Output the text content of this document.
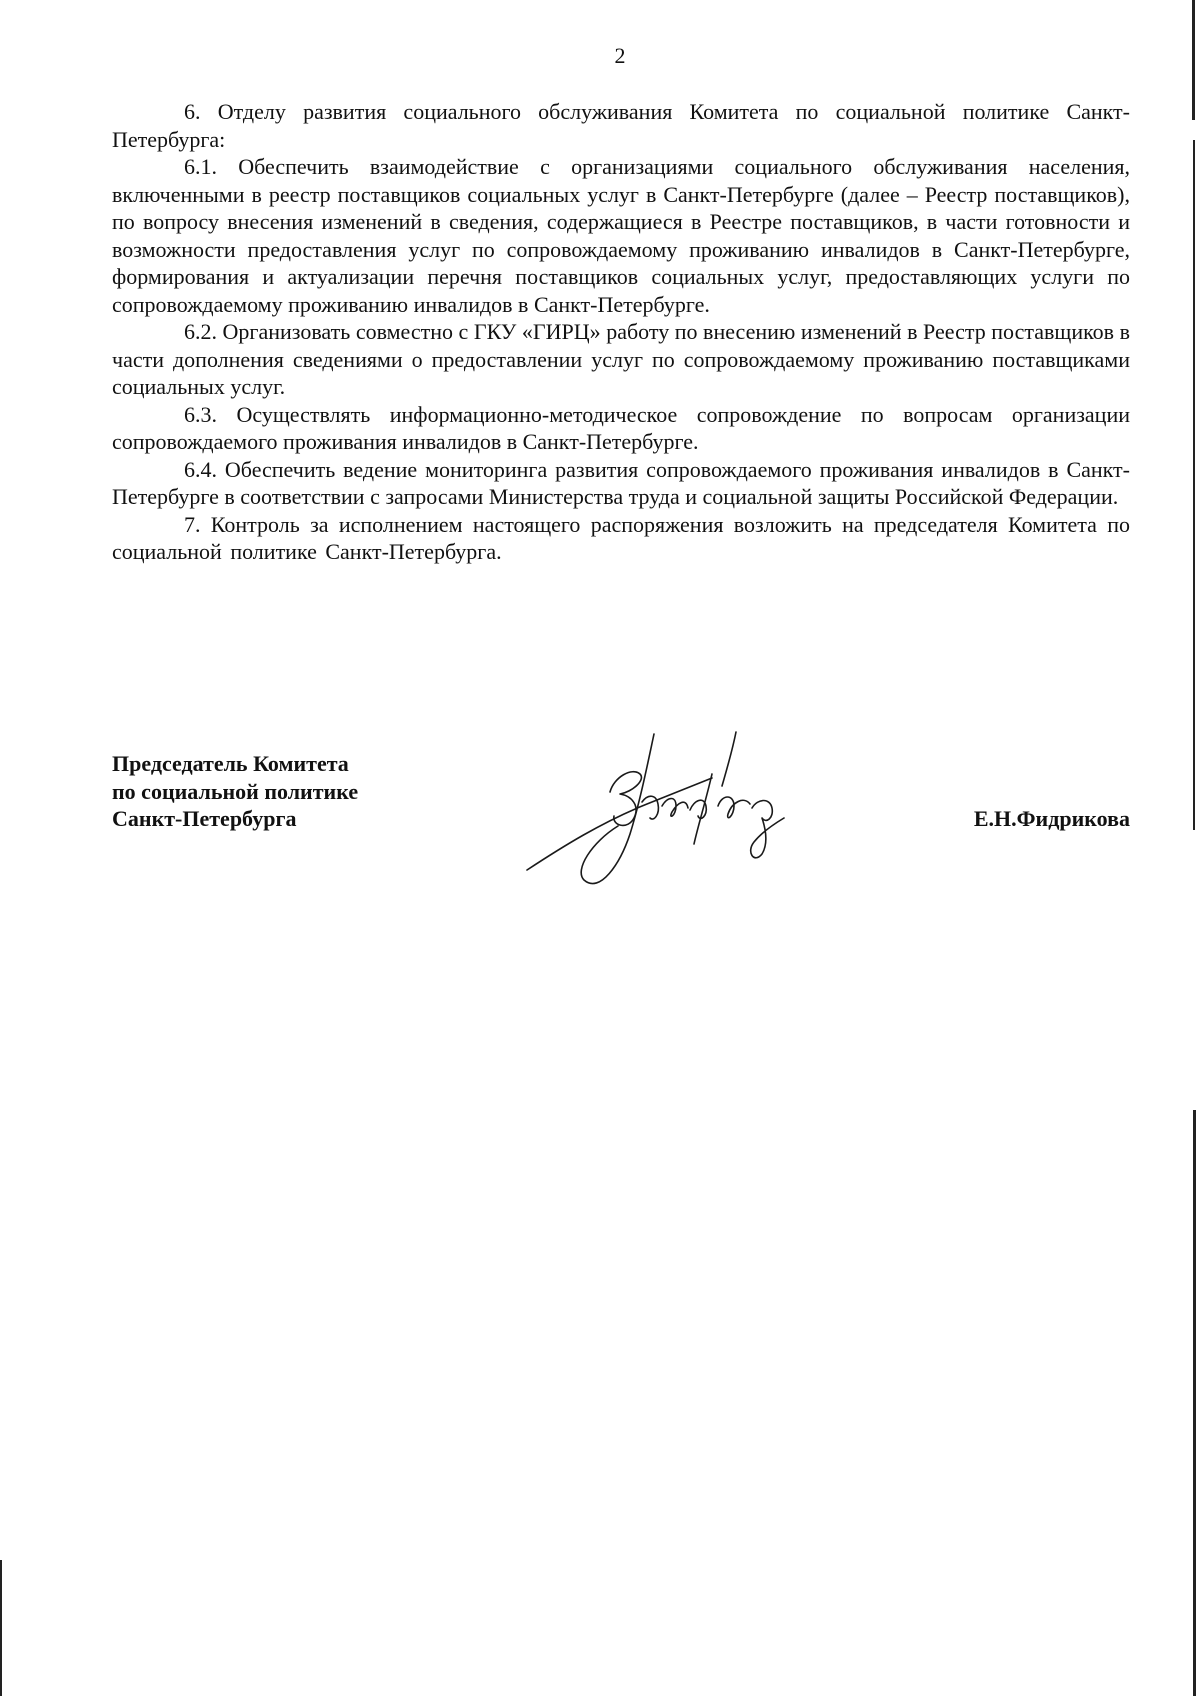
2

6. Отделу развития социального обслуживания Комитета по социальной политике Санкт-Петербурга:

6.1. Обеспечить взаимодействие с организациями социального обслуживания населения, включенными в реестр поставщиков социальных услуг в Санкт-Петербурге (далее – Реестр поставщиков), по вопросу внесения изменений в сведения, содержащиеся в Реестре поставщиков, в части готовности и возможности предоставления услуг по сопровождаемому проживанию инвалидов в Санкт-Петербурге, формирования и актуализации перечня поставщиков социальных услуг, предоставляющих услуги по сопровождаемому проживанию инвалидов в Санкт-Петербурге.

6.2. Организовать совместно с ГКУ «ГИРЦ» работу по внесению изменений в Реестр поставщиков в части дополнения сведениями о предоставлении услуг по сопровождаемому проживанию поставщиками социальных услуг.

6.3. Осуществлять информационно-методическое сопровождение по вопросам организации сопровождаемого проживания инвалидов в Санкт-Петербурге.

6.4. Обеспечить ведение мониторинга развития сопровождаемого проживания инвалидов в Санкт-Петербурге в соответствии с запросами Министерства труда и социальной защиты Российской Федерации.

7. Контроль за исполнением настоящего распоряжения возложить на председателя Комитета по социальной политике Санкт-Петербурга.

Председатель Комитета
по социальной политике
Санкт-Петербурга	Е.Н.Фидрикова
